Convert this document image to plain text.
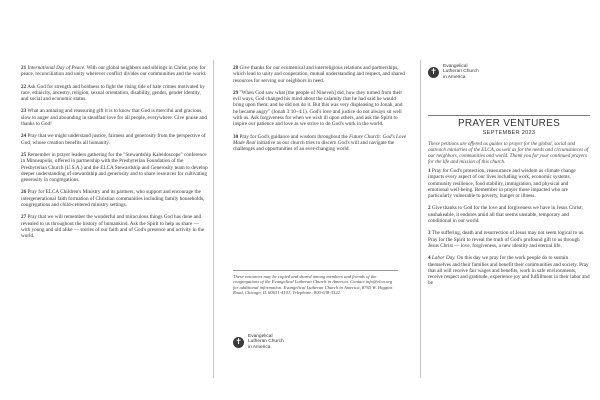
21 International Day of Peace. With our global neighbors and siblings in Christ, pray for peace, reconciliation and unity wherever conflict divides our communities and the world.

22 Ask God for strength and boldness to fight the rising tide of hate crimes motivated by race, ethnicity, ancestry, religion, sexual orientation, disability, gender, gender identity, and social and economic status.

23 What an amazing and reassuring gift it is to know that God is merciful and gracious, slow to anger and abounding in steadfast love for all people, everywhere. Give praise and thanks to God!

24 Pray that we might understand justice, fairness and generosity from the perspective of God, whose creation benefits all humanity.

25 Remember in prayer leaders gathering for the "Stewardship Kaleidoscope" conference in Minneapolis, offered in partnership with the Presbyterian Foundation of the Presbyterian Church (U.S.A.) and the ELCA Stewardship and Generosity team to develop deeper understanding of stewardship and generosity and to share resources for cultivating generosity in congregations.

26 Pray for ELCA Children's Ministry and its partners, who support and encourage the intergenerational faith formation of Christian communities including family households, congregations and child-centered ministry settings.

27 Pray that we will remember the wonderful and miraculous things God has done and revealed to us throughout the history of humankind. Ask the Spirit to help us share — with young and old alike — stories of our faith and of God's presence and activity in the world.

28 Give thanks for our ecumenical and interreligious relations and partnerships, which lead to unity and cooperation, mutual understanding and respect, and shared resources for serving our neighbors in need.

29 "When God saw what [the people of Nineveh] did, how they turned from their evil ways, God changed his mind about the calamity that he had said he would bring upon them; and he did not do it. But this was very displeasing to Jonah, and he became angry" (Jonah 3:10–4:1). God's love and justice do not always sit well with us. Ask forgiveness for when we wish ill upon others, and ask the Spirit to inspire our patience and love as we strive to do God's work in the world.

30 Pray for God's guidance and wisdom throughout the Future Church: God's Love Made Real initiative as our church tries to discern God's will and navigate the challenges and opportunities of an ever-changing world.

These resources may be copied and shared among members and friends of the congregations of the Evangelical Lutheran Church in America. Contact info@elca.org for additional information. Evangelical Lutheran Church in America, 8765 W. Higgins Road, Chicago, IL 60631-4101. Telephone: 800-638-3522.
✝
Evangelical
Lutheran Church
in America
✝
Evangelical
Lutheran Church
in America
PRAYER VENTURES
SEPTEMBER 2023

These petitions are offered as guides to prayer for the global, social and outreach ministries of the ELCA, as well as for the needs and circumstances of our neighbors, communities and world. Thank you for your continued prayers for the life and mission of this church.

1 Pray for God's protection, reassurance and wisdom as climate change impacts every aspect of our lives including work, economic systems, community resilience, food stability, immigration, and physical and emotional well-being. Remember in prayer those impacted who are particularly vulnerable to poverty, hunger or illness.

2 Give thanks to God for the love and forgiveness we have in Jesus Christ; unshakeable, it endures amid all that seems unstable, temporary and conditional in our world.

3 The suffering, death and resurrection of Jesus may not seem logical to us. Pray for the Spirit to reveal the truth of God's profound gift to us through Jesus Christ — love, forgiveness, a new identity and eternal life.

4 Labor Day. On this day we pray for the work people do to sustain themselves and their families and benefit their communities and society. Pray that all will receive fair wages and benefits, work in safe environments, receive respect and gratitude, experience joy and fulfillment in their labor and be
